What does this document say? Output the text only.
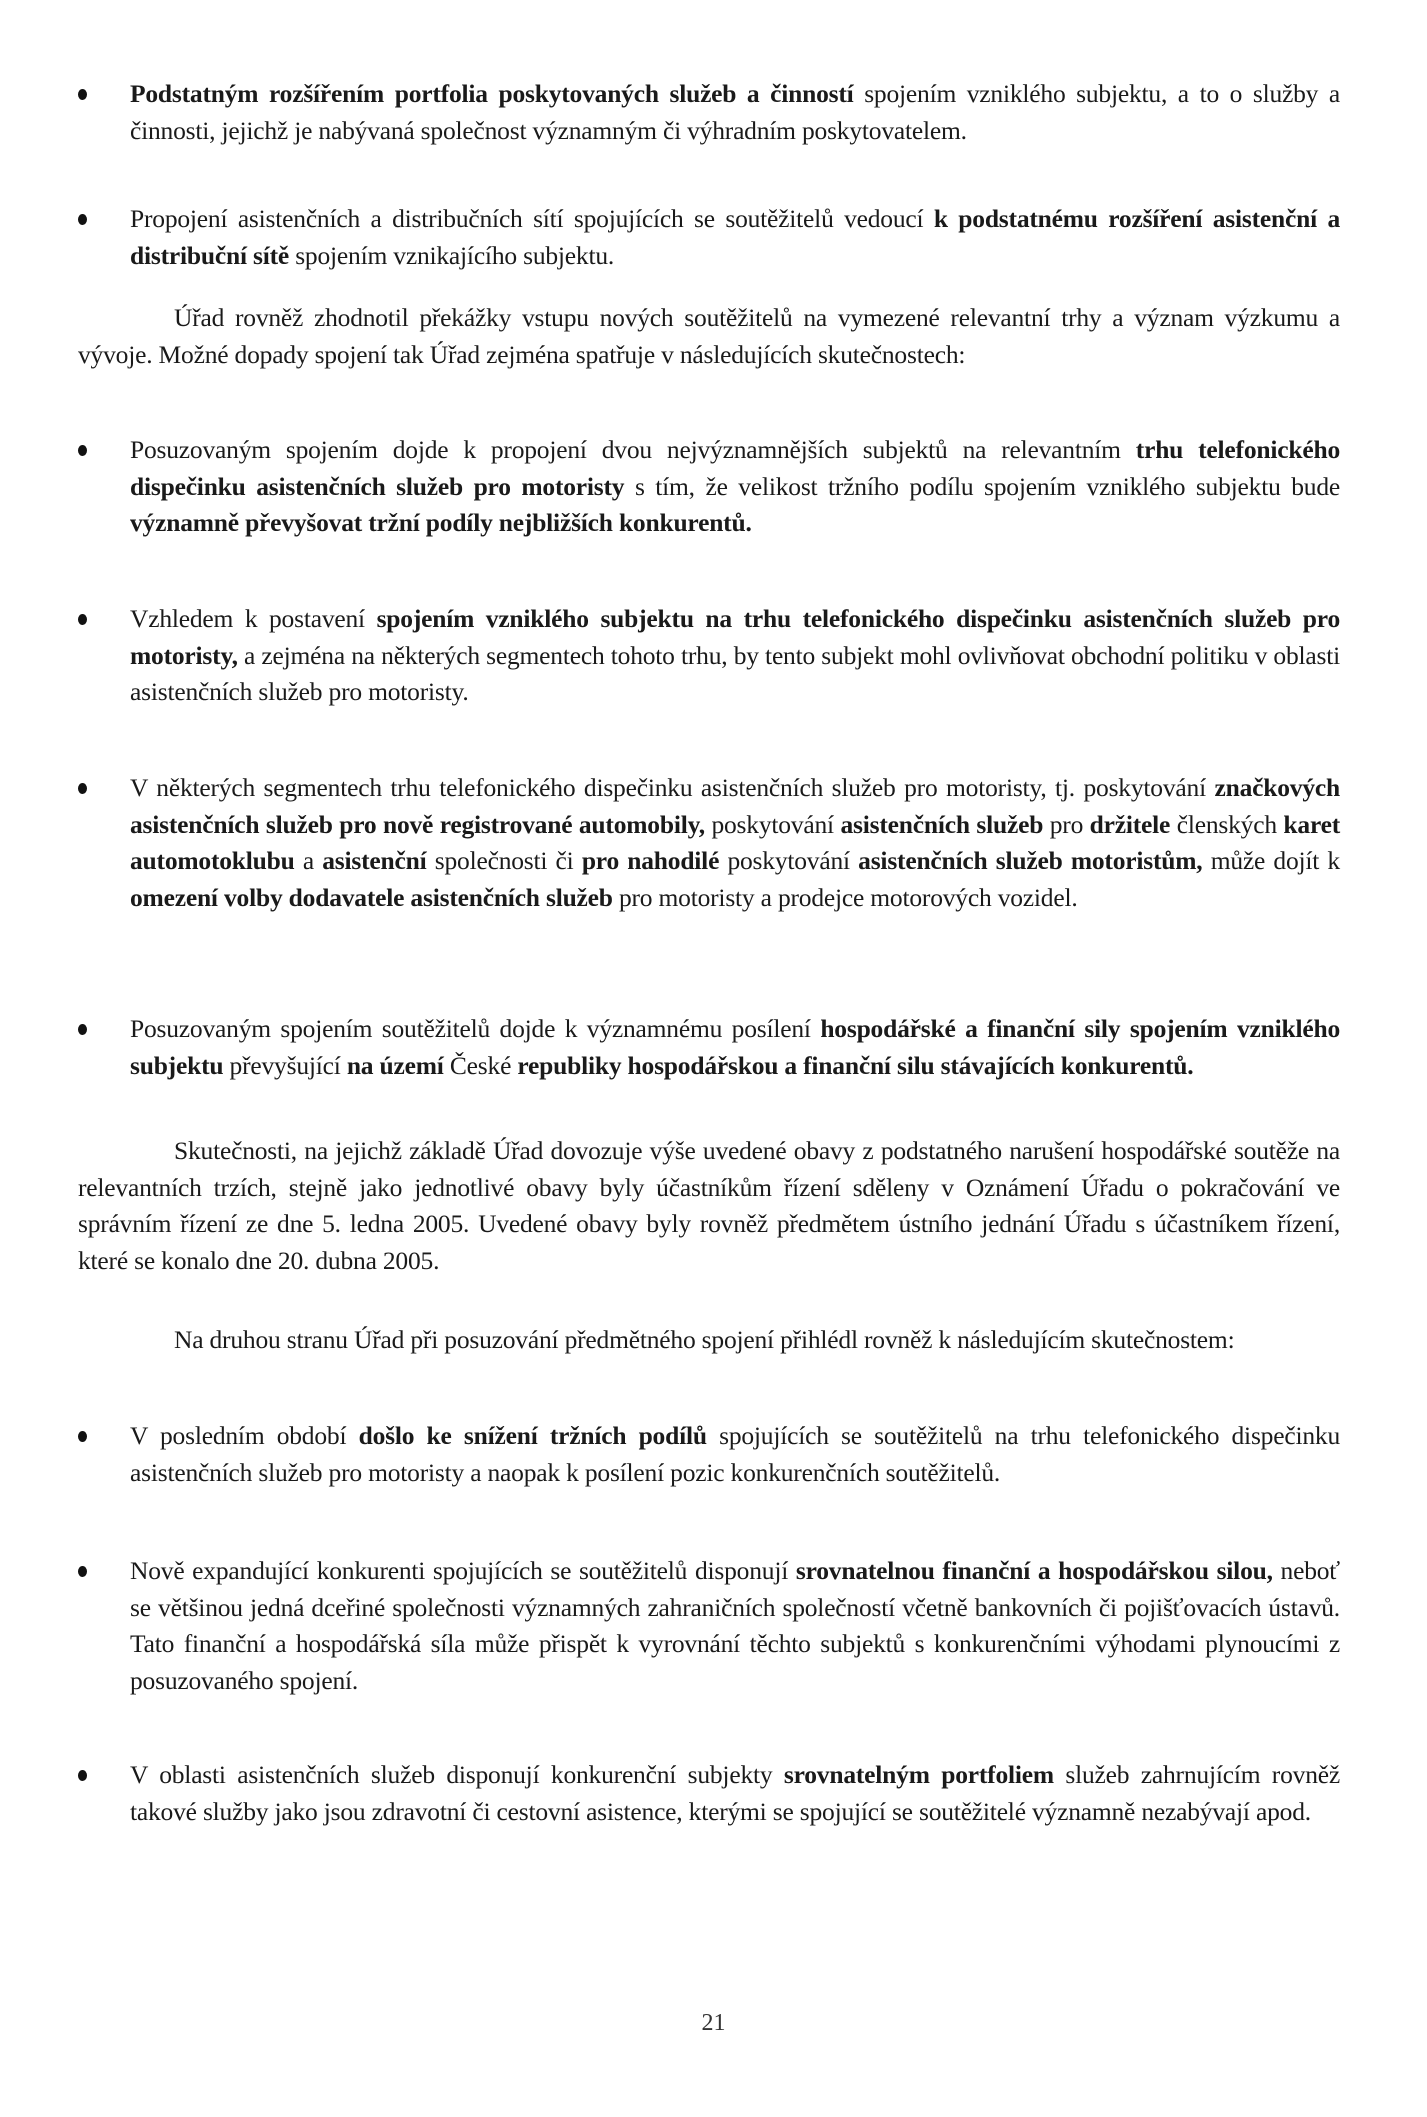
Podstatným rozšířením portfolia poskytovaných služeb a činností spojením vzniklého subjektu, a to o služby a činnosti, jejichž je nabývaná společnost významným či výhradním poskytovatelem.
Propojení asistenčních a distribučních sítí spojujících se soutěžitelů vedoucí k podstatnému rozšíření asistenční a distribuční sítě spojením vznikajícího subjektu.
Úřad rovněž zhodnotil překážky vstupu nových soutěžitelů na vymezené relevantní trhy a význam výzkumu a vývoje. Možné dopady spojení tak Úřad zejména spatřuje v následujících skutečnostech:
Posuzovaným spojením dojde k propojení dvou nejvýznamnějších subjektů na relevantním trhu telefonického dispečinku asistenčních služeb pro motoristy s tím, že velikost tržního podílu spojením vzniklého subjektu bude významně převyšovat tržní podíly nejbližších konkurentů.
Vzhledem k postavení spojením vzniklého subjektu na trhu telefonického dispečinku asistenčních služeb pro motoristy, a zejména na některých segmentech tohoto trhu, by tento subjekt mohl ovlivňovat obchodní politiku v oblasti asistenčních služeb pro motoristy.
V některých segmentech trhu telefonického dispečinku asistenčních služeb pro motoristy, tj. poskytování značkových asistenčních služeb pro nově registrované automobily, poskytování asistenčních služeb pro držitele členských karet automotoklubu a asistenční společnosti či pro nahodilé poskytování asistenčních služeb motoristům, může dojít k omezení volby dodavatele asistenčních služeb pro motoristy a prodejce motorových vozidel.
Posuzovaným spojením soutěžitelů dojde k významnému posílení hospodářské a finanční sily spojením vzniklého subjektu převyšující na území České republiky hospodářskou a finanční silu stávajících konkurentů.
Skutečnosti, na jejichž základě Úřad dovozuje výše uvedené obavy z podstatného narušení hospodářské soutěže na relevantních trzích, stejně jako jednotlivé obavy byly účastníkům řízení sděleny v Oznámení Úřadu o pokračování ve správním řízení ze dne 5. ledna 2005. Uvedené obavy byly rovněž předmětem ústního jednání Úřadu s účastníkem řízení, které se konalo dne 20. dubna 2005.
Na druhou stranu Úřad při posuzování předmětného spojení přihlédl rovněž k následujícím skutečnostem:
V posledním období došlo ke snížení tržních podílů spojujících se soutěžitelů na trhu telefonického dispečinku asistenčních služeb pro motoristy a naopak k posílení pozic konkurenčních soutěžitelů.
Nově expandující konkurenti spojujících se soutěžitelů disponují srovnatelnou finanční a hospodářskou silou, neboť se většinou jedná dceřiné společnosti významných zahraničních společností včetně bankovních či pojišťovacích ústavů. Tato finanční a hospodářská síla může přispět k vyrovnání těchto subjektů s konkurenčními výhodami plynoucími z posuzovaného spojení.
V oblasti asistenčních služeb disponují konkurenční subjekty srovnatelným portfoliem služeb zahrnujícím rovněž takové služby jako jsou zdravotní či cestovní asistence, kterými se spojující se soutěžitelé významně nezabývají apod.
21
